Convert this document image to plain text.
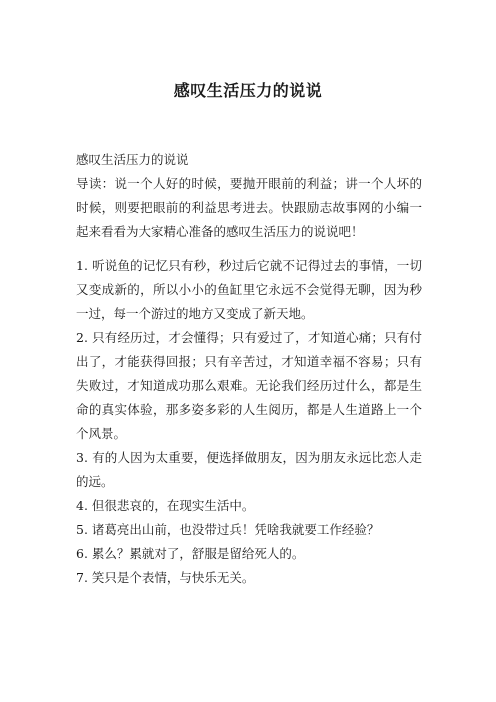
感叹生活压力的说说

感叹生活压力的说说

导读：说一个人好的时候，要抛开眼前的利益；讲一个人坏的时候，则要把眼前的利益思考进去。快跟励志故事网的小编一起来看看为大家精心准备的感叹生活压力的说说吧！

1. 听说鱼的记忆只有秒，秒过后它就不记得过去的事情，一切又变成新的，所以小小的鱼缸里它永远不会觉得无聊，因为秒一过，每一个游过的地方又变成了新天地。

2. 只有经历过，才会懂得；只有爱过了，才知道心痛；只有付出了，才能获得回报；只有辛苦过，才知道幸福不容易；只有失败过，才知道成功那么艰难。无论我们经历过什么，都是生命的真实体验，那多姿多彩的人生阅历，都是人生道路上一个个风景。

3. 有的人因为太重要，便选择做朋友，因为朋友永远比恋人走的远。

4. 但很悲哀的，在现实生活中。

5. 诸葛亮出山前，也没带过兵！凭啥我就要工作经验？

6. 累么？累就对了，舒服是留给死人的。

7. 笑只是个表情，与快乐无关。
